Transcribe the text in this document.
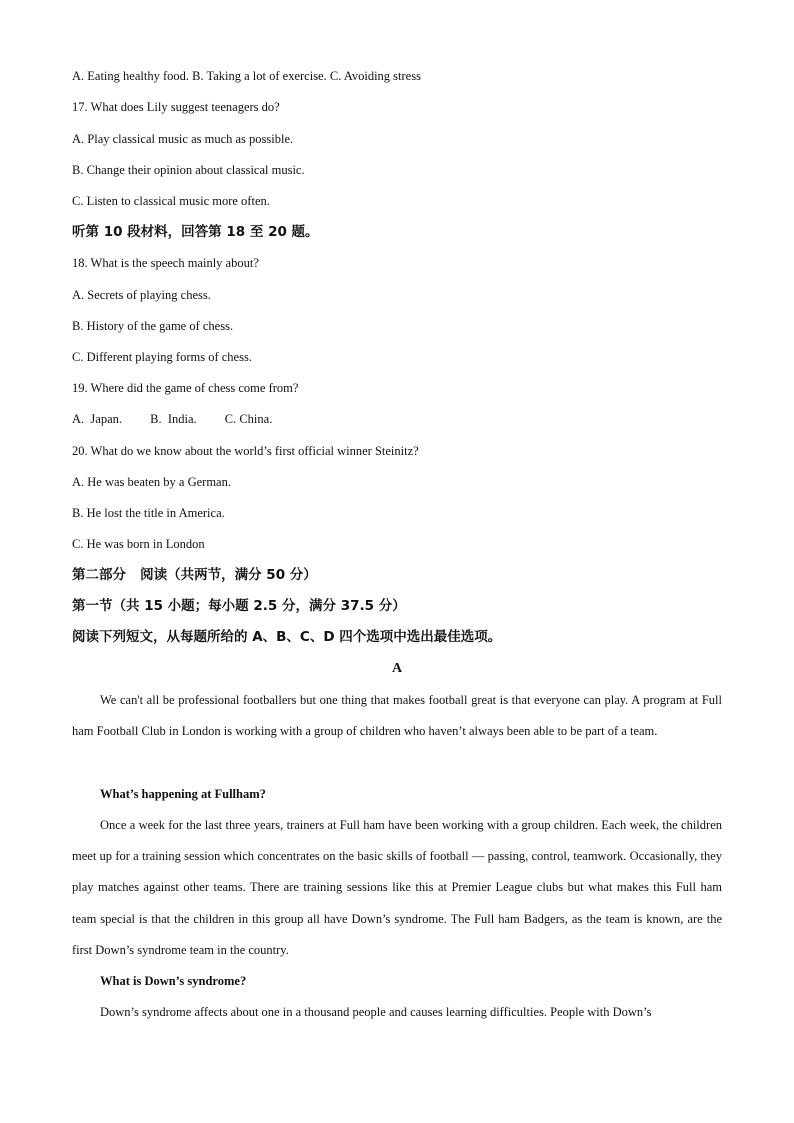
A. Eating healthy food. B. Taking a lot of exercise. C. Avoiding stress
17. What does Lily suggest teenagers do?
A. Play classical music as much as possible.
B. Change their opinion about classical music.
C. Listen to classical music more often.
听第 10 段材料，回答第 18 至 20 题。
18. What is the speech mainly about?
A. Secrets of playing chess.
B. History of the game of chess.
C. Different playing forms of chess.
19. Where did the game of chess come from?
A.  Japan.         B.  India.         C. China.
20. What do we know about the world’s first official winner Steinitz?
A. He was beaten by a German.
B. He lost the title in America.
C. He was born in London
第二部分   阅读（共两节，满分 50 分）
第一节（共 15 小题；每小题 2.5 分，满分 37.5 分）
阅读下列短文，从每题所给的 A、B、C、D 四个选项中选出最佳选项。
A
We can't all be professional footballers but one thing that makes football great is that everyone can play. A program at Full ham Football Club in London is working with a group of children who haven’t always been able to be part of a team.
What’s happening at Fullham?
Once a week for the last three years, trainers at Full ham have been working with a group children. Each week, the children meet up for a training session which concentrates on the basic skills of football — passing, control, teamwork. Occasionally, they play matches against other teams. There are training sessions like this at Premier League clubs but what makes this Full ham team special is that the children in this group all have Down’s syndrome. The Full ham Badgers, as the team is known, are the first Down’s syndrome team in the country.
What is Down’s syndrome?
Down’s syndrome affects about one in a thousand people and causes learning difficulties. People with Down’s
